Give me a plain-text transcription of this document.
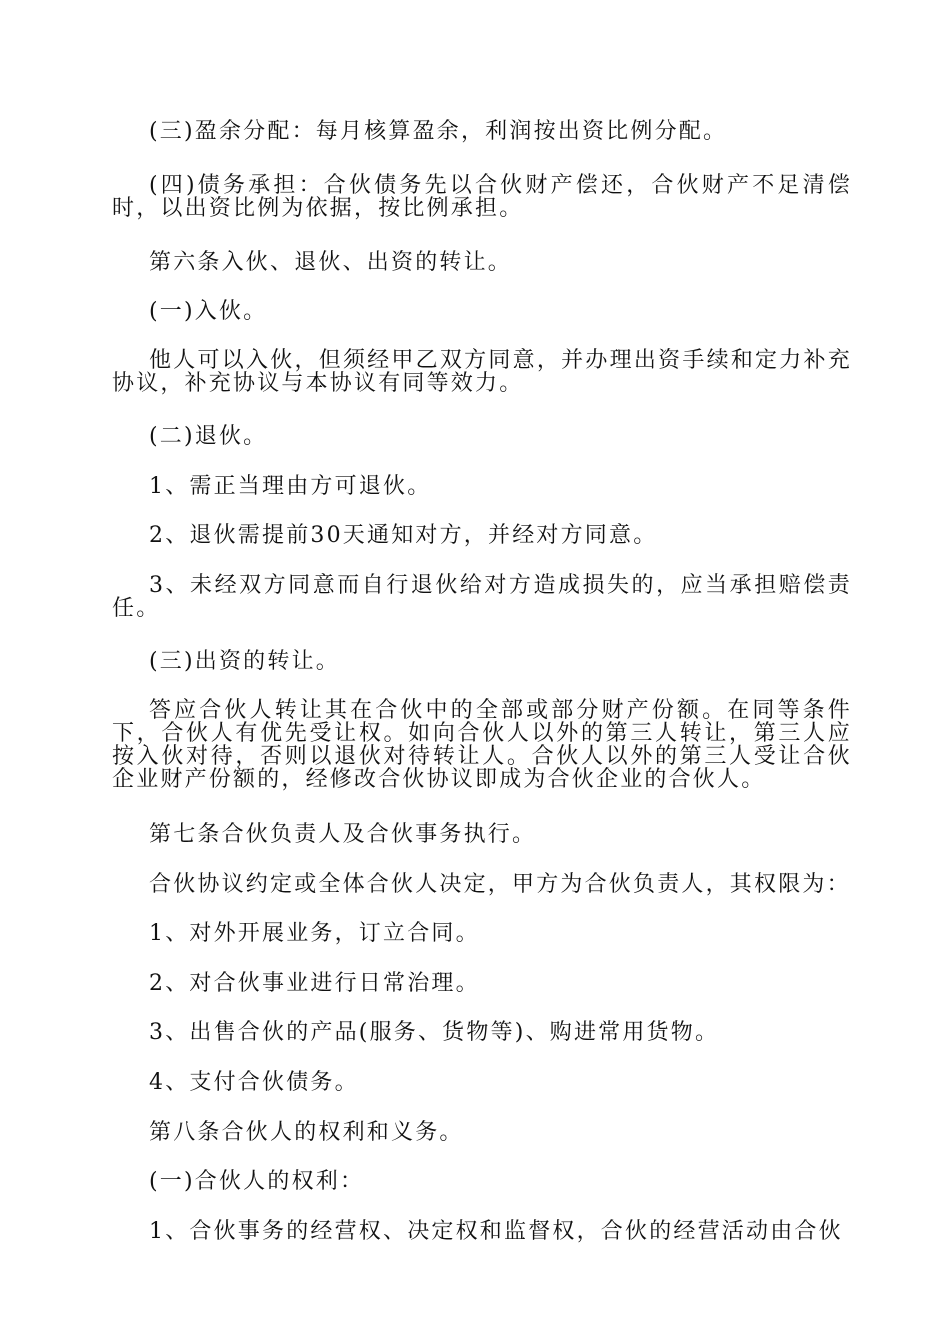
(三)盈余分配：每月核算盈余，利润按出资比例分配。

(四)债务承担：合伙债务先以合伙财产偿还，合伙财产不足清偿时，以出资比例为依据，按比例承担。

第六条入伙、退伙、出资的转让。

(一)入伙。

他人可以入伙，但须经甲乙双方同意，并办理出资手续和定力补充协议，补充协议与本协议有同等效力。

(二)退伙。

1、需正当理由方可退伙。

2、退伙需提前30天通知对方，并经对方同意。

3、未经双方同意而自行退伙给对方造成损失的，应当承担赔偿责任。

(三)出资的转让。

答应合伙人转让其在合伙中的全部或部分财产份额。在同等条件下，合伙人有优先受让权。如向合伙人以外的第三人转让，第三人应按入伙对待，否则以退伙对待转让人。合伙人以外的第三人受让合伙企业财产份额的，经修改合伙协议即成为合伙企业的合伙人。

第七条合伙负责人及合伙事务执行。

合伙协议约定或全体合伙人决定，甲方为合伙负责人，其权限为：

1、对外开展业务，订立合同。

2、对合伙事业进行日常治理。

3、出售合伙的产品(服务、货物等)、购进常用货物。

4、支付合伙债务。

第八条合伙人的权利和义务。

(一)合伙人的权利：

1、合伙事务的经营权、决定权和监督权，合伙的经营活动由合伙
